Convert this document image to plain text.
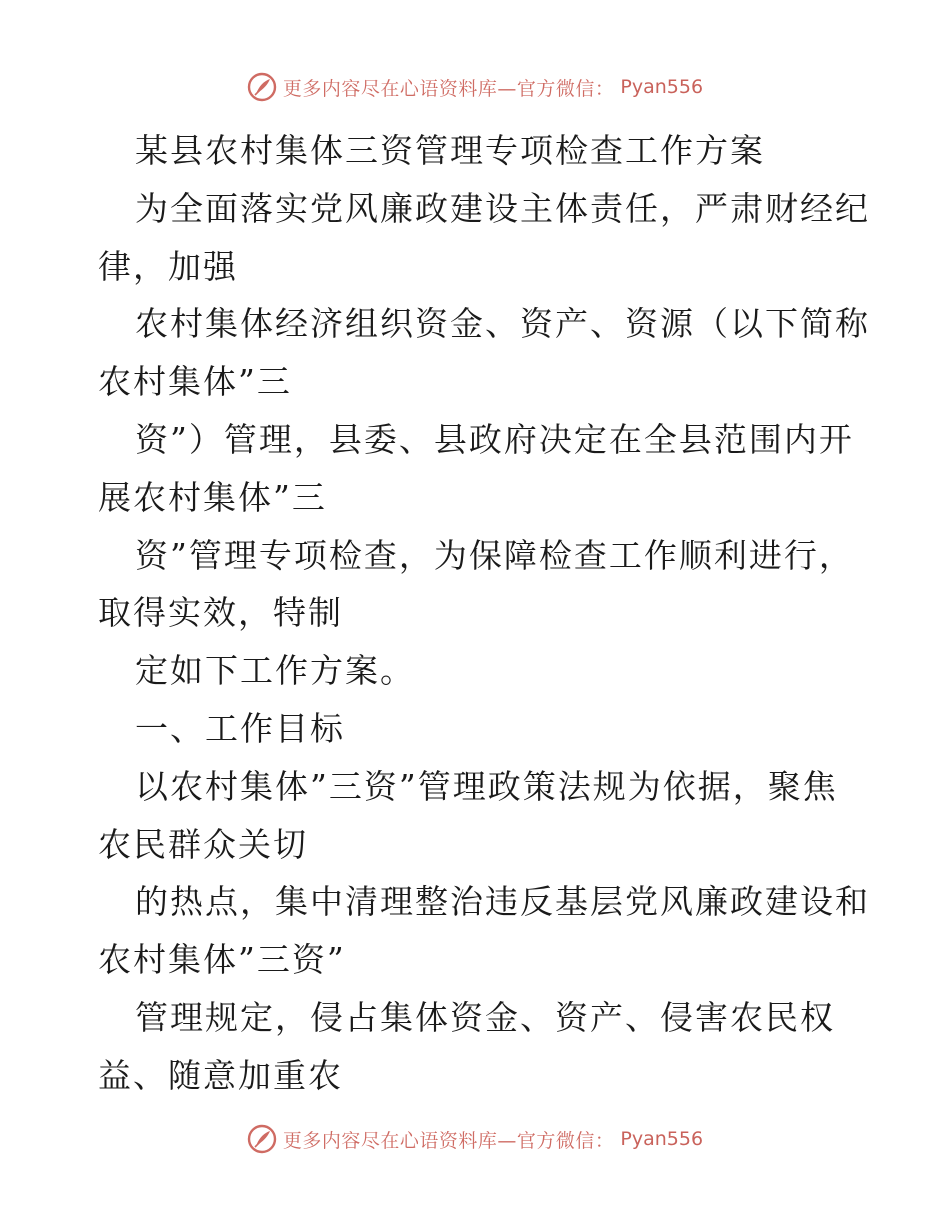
更多内容尽在心语资料库—官方微信： Pyan556

某县农村集体三资管理专项检查工作方案

为全面落实党风廉政建设主体责任，严肃财经纪

律，加强

农村集体经济组织资金、资产、资源（以下简称

农村集体”三

资”）管理，县委、县政府决定在全县范围内开

展农村集体”三

资”管理专项检查，为保障检查工作顺利进行，

取得实效，特制

定如下工作方案。

一、工作目标

以农村集体”三资”管理政策法规为依据，聚焦

农民群众关切

的热点，集中清理整治违反基层党风廉政建设和

农村集体”三资”

管理规定，侵占集体资金、资产、侵害农民权

益、随意加重农

更多内容尽在心语资料库—官方微信： Pyan556
